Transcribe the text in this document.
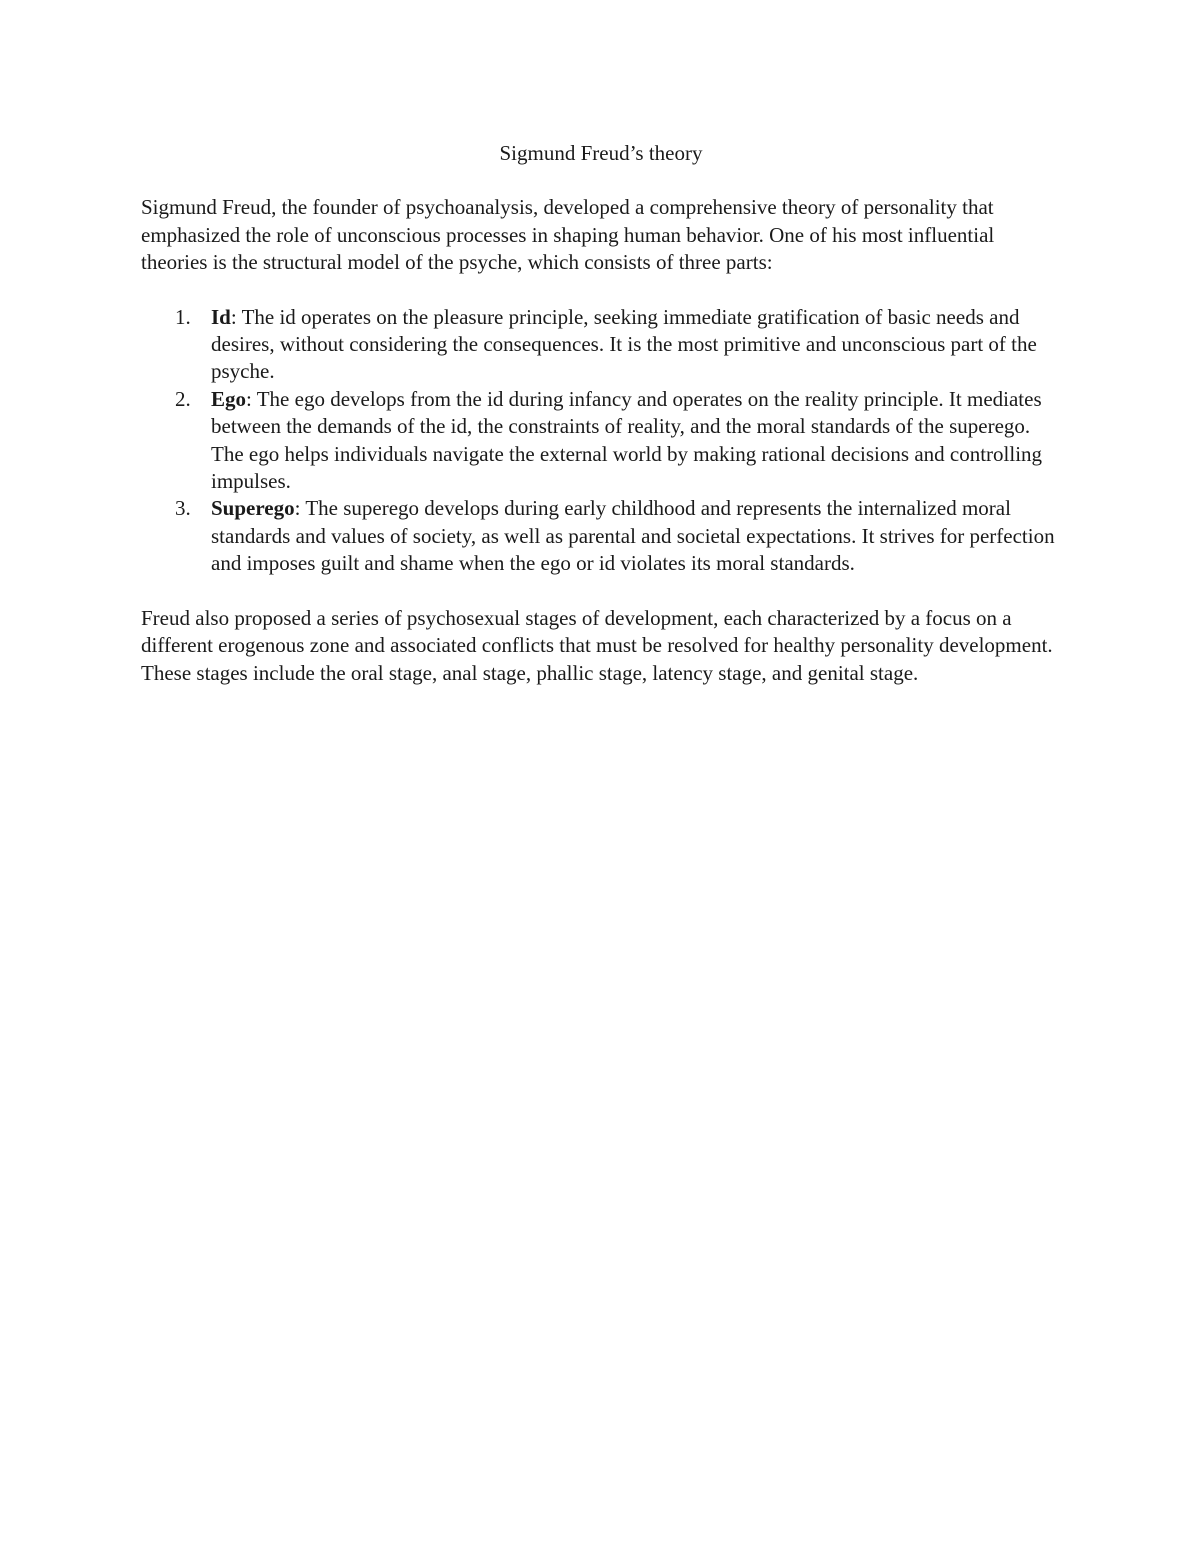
Sigmund Freud’s theory

Sigmund Freud, the founder of psychoanalysis, developed a comprehensive theory of personality that emphasized the role of unconscious processes in shaping human behavior. One of his most influential theories is the structural model of the psyche, which consists of three parts:

1. Id: The id operates on the pleasure principle, seeking immediate gratification of basic needs and desires, without considering the consequences. It is the most primitive and unconscious part of the psyche.
2. Ego: The ego develops from the id during infancy and operates on the reality principle. It mediates between the demands of the id, the constraints of reality, and the moral standards of the superego. The ego helps individuals navigate the external world by making rational decisions and controlling impulses.
3. Superego: The superego develops during early childhood and represents the internalized moral standards and values of society, as well as parental and societal expectations. It strives for perfection and imposes guilt and shame when the ego or id violates its moral standards.

Freud also proposed a series of psychosexual stages of development, each characterized by a focus on a different erogenous zone and associated conflicts that must be resolved for healthy personality development. These stages include the oral stage, anal stage, phallic stage, latency stage, and genital stage.
